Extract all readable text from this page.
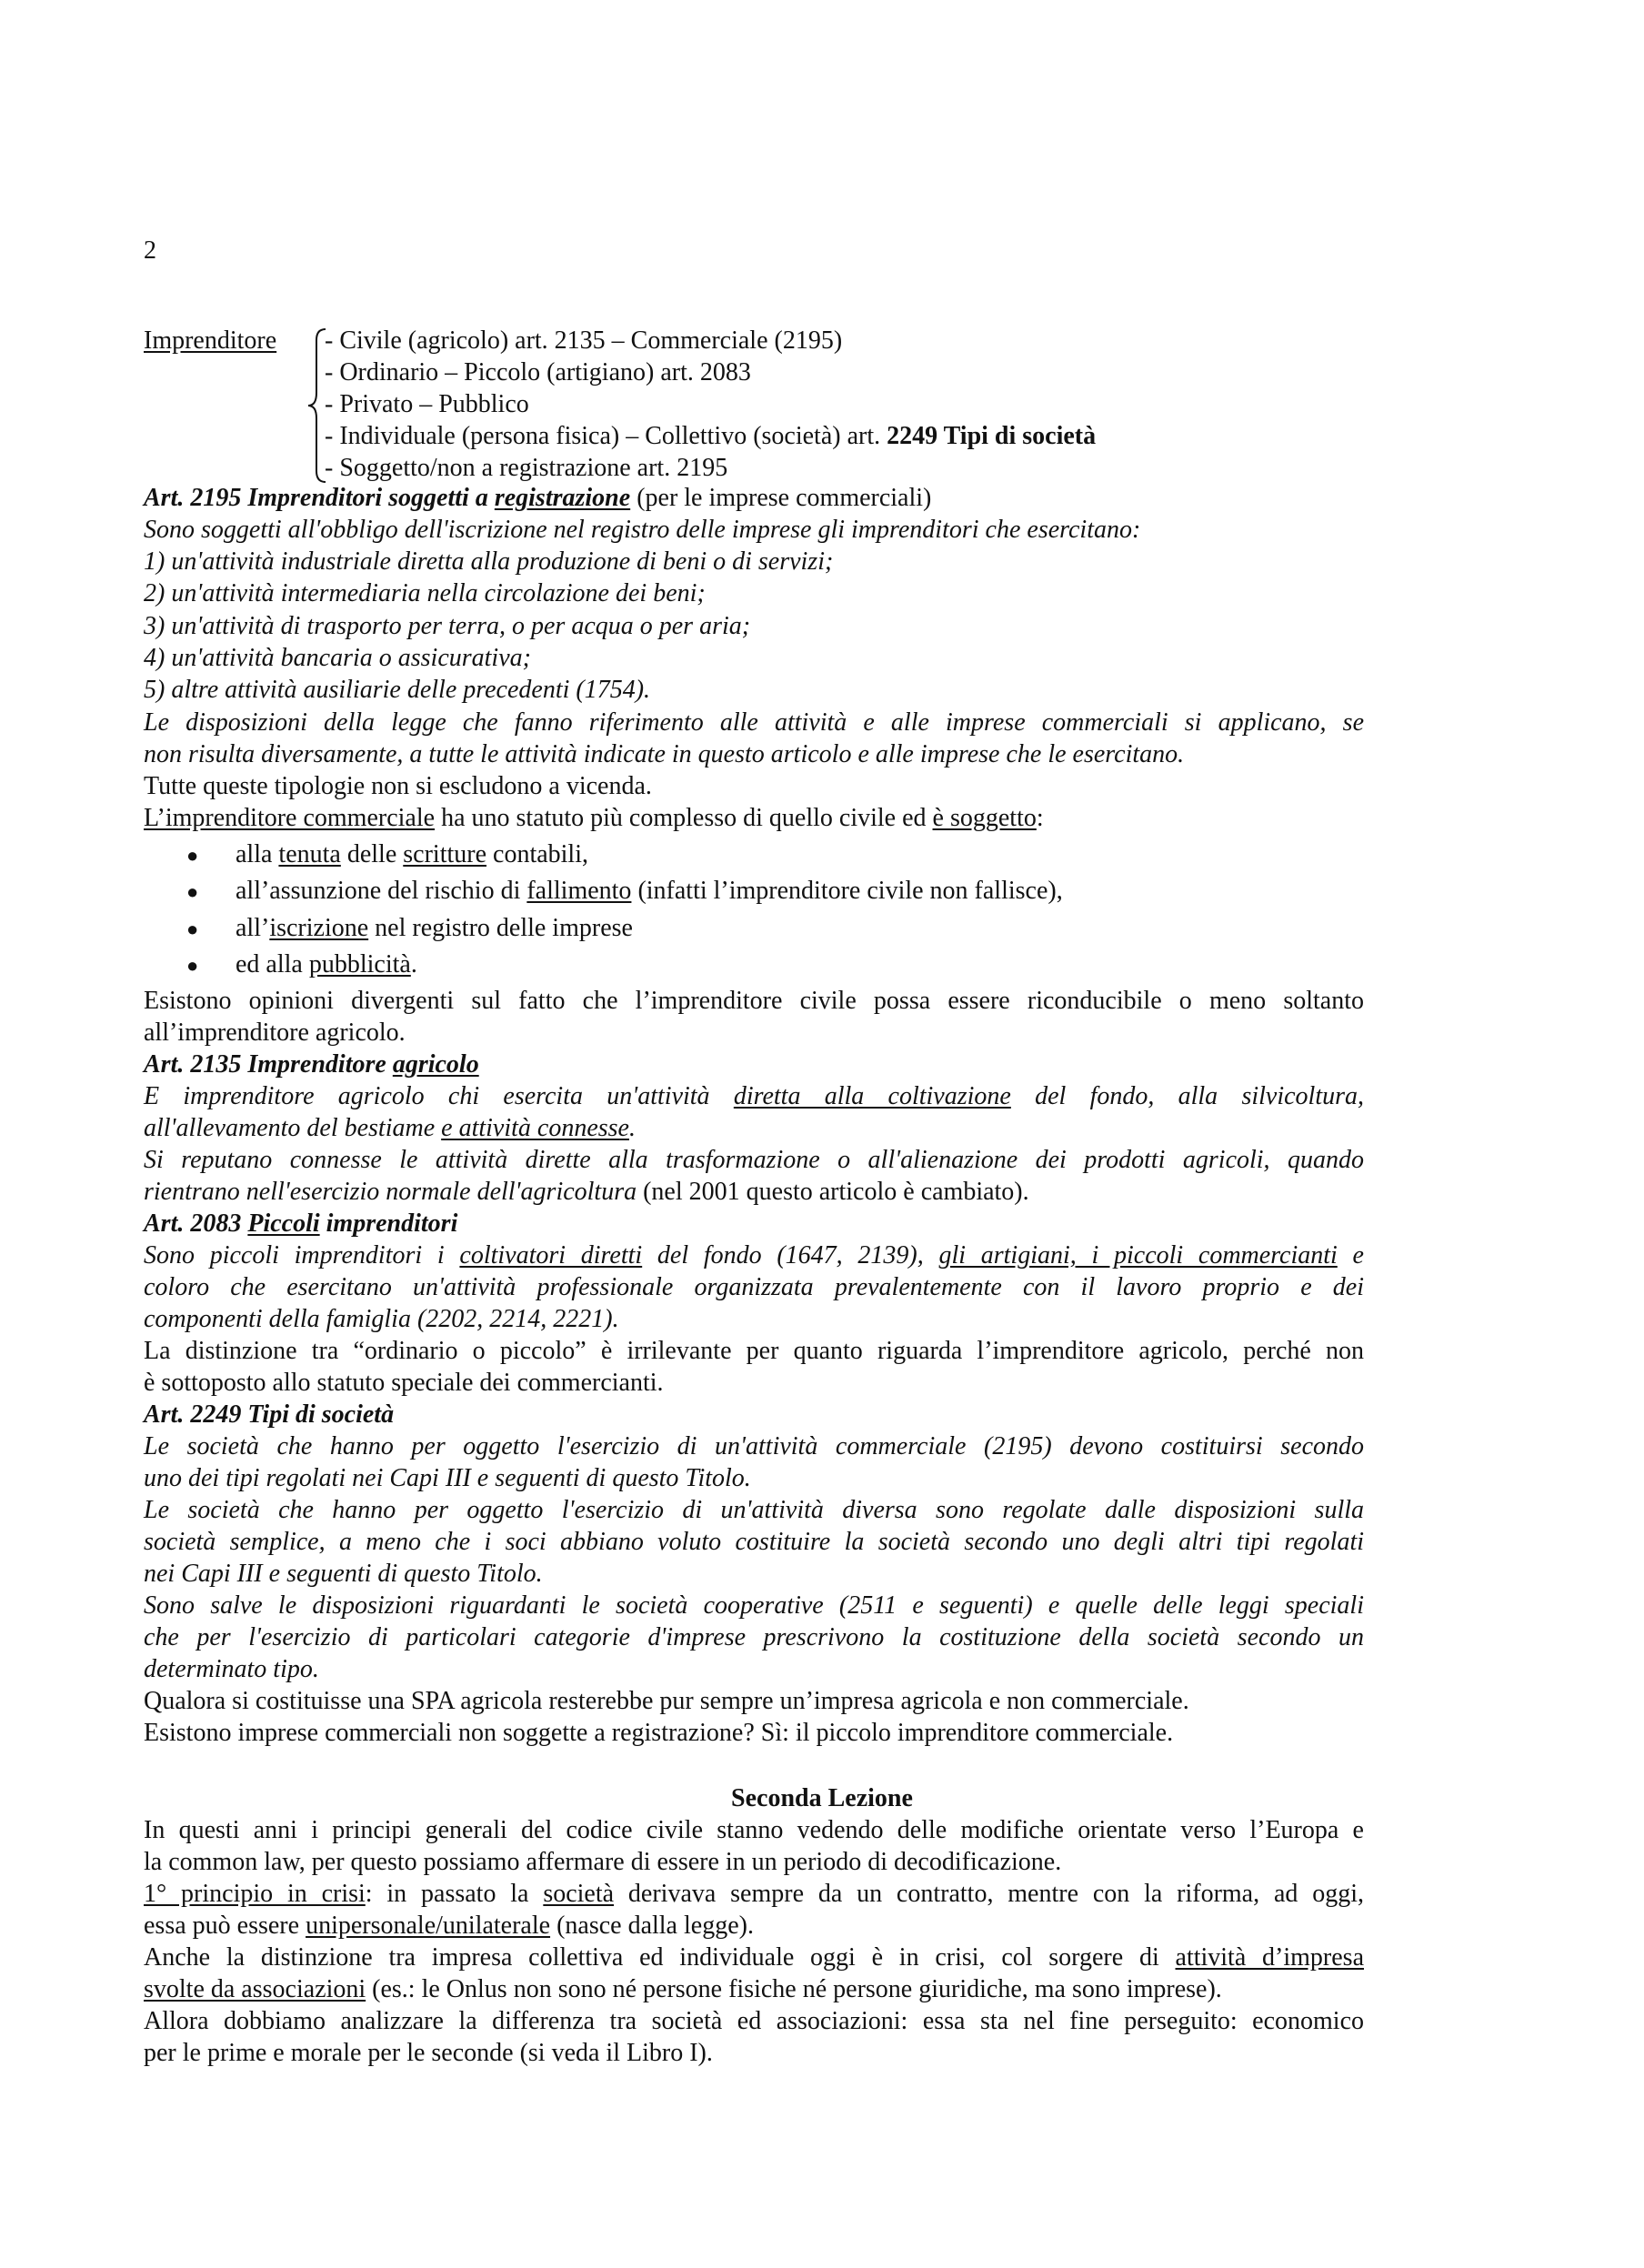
2
Imprenditore - Civile (agricolo) art. 2135 – Commerciale (2195)
- Ordinario – Piccolo (artigiano) art. 2083
- Privato – Pubblico
- Individuale (persona fisica) – Collettivo (società) art. 2249 Tipi di società
- Soggetto/non a registrazione art. 2195
Art. 2195 Imprenditori soggetti a registrazione (per le imprese commerciali)
Sono soggetti all'obbligo dell'iscrizione nel registro delle imprese gli imprenditori che esercitano:
1) un'attività industriale diretta alla produzione di beni o di servizi;
2) un'attività intermediaria nella circolazione dei beni;
3) un'attività di trasporto per terra, o per acqua o per aria;
4) un'attività bancaria o assicurativa;
5) altre attività ausiliarie delle precedenti (1754).
Le disposizioni della legge che fanno riferimento alle attività e alle imprese commerciali si applicano, se
non risulta diversamente, a tutte le attività indicate in questo articolo e alle imprese che le esercitano.
Tutte queste tipologie non si escludono a vicenda.
L’imprenditore commerciale ha uno statuto più complesso di quello civile ed è soggetto:
● alla tenuta delle scritture contabili,
● all’assunzione del rischio di fallimento (infatti l’imprenditore civile non fallisce),
● all’iscrizione nel registro delle imprese
● ed alla pubblicità.
Esistono opinioni divergenti sul fatto che l’imprenditore civile possa essere riconducibile o meno soltanto
all’imprenditore agricolo.
Art. 2135 Imprenditore agricolo
E imprenditore agricolo chi esercita un'attività diretta alla coltivazione del fondo, alla silvicoltura,
all'allevamento del bestiame e attività connesse.
Si reputano connesse le attività dirette alla trasformazione o all'alienazione dei prodotti agricoli, quando
rientrano nell'esercizio normale dell'agricoltura (nel 2001 questo articolo è cambiato).
Art. 2083 Piccoli imprenditori
Sono piccoli imprenditori i coltivatori diretti del fondo (1647, 2139), gli artigiani, i piccoli commercianti e
coloro che esercitano un'attività professionale organizzata prevalentemente con il lavoro proprio e dei
componenti della famiglia (2202, 2214, 2221).
La distinzione tra “ordinario o piccolo” è irrilevante per quanto riguarda l’imprenditore agricolo, perché non
è sottoposto allo statuto speciale dei commercianti.
Art. 2249 Tipi di società
Le società che hanno per oggetto l'esercizio di un'attività commerciale (2195) devono costituirsi secondo
uno dei tipi regolati nei Capi III e seguenti di questo Titolo.
Le società che hanno per oggetto l'esercizio di un'attività diversa sono regolate dalle disposizioni sulla
società semplice, a meno che i soci abbiano voluto costituire la società secondo uno degli altri tipi regolati
nei Capi III e seguenti di questo Titolo.
Sono salve le disposizioni riguardanti le società cooperative (2511 e seguenti) e quelle delle leggi speciali
che per l'esercizio di particolari categorie d'imprese prescrivono la costituzione della società secondo un
determinato tipo.
Qualora si costituisse una SPA agricola resterebbe pur sempre un’impresa agricola e non commerciale.
Esistono imprese commerciali non soggette a registrazione? Sì: il piccolo imprenditore commerciale.
Seconda Lezione
In questi anni i principi generali del codice civile stanno vedendo delle modifiche orientate verso l’Europa e
la common law, per questo possiamo affermare di essere in un periodo di decodificazione.
1° principio in crisi: in passato la società derivava sempre da un contratto, mentre con la riforma, ad oggi,
essa può essere unipersonale/unilaterale (nasce dalla legge).
Anche la distinzione tra impresa collettiva ed individuale oggi è in crisi, col sorgere di attività d’impresa
svolte da associazioni (es.: le Onlus non sono né persone fisiche né persone giuridiche, ma sono imprese).
Allora dobbiamo analizzare la differenza tra società ed associazioni: essa sta nel fine perseguito: economico
per le prime e morale per le seconde (si veda il Libro I).
